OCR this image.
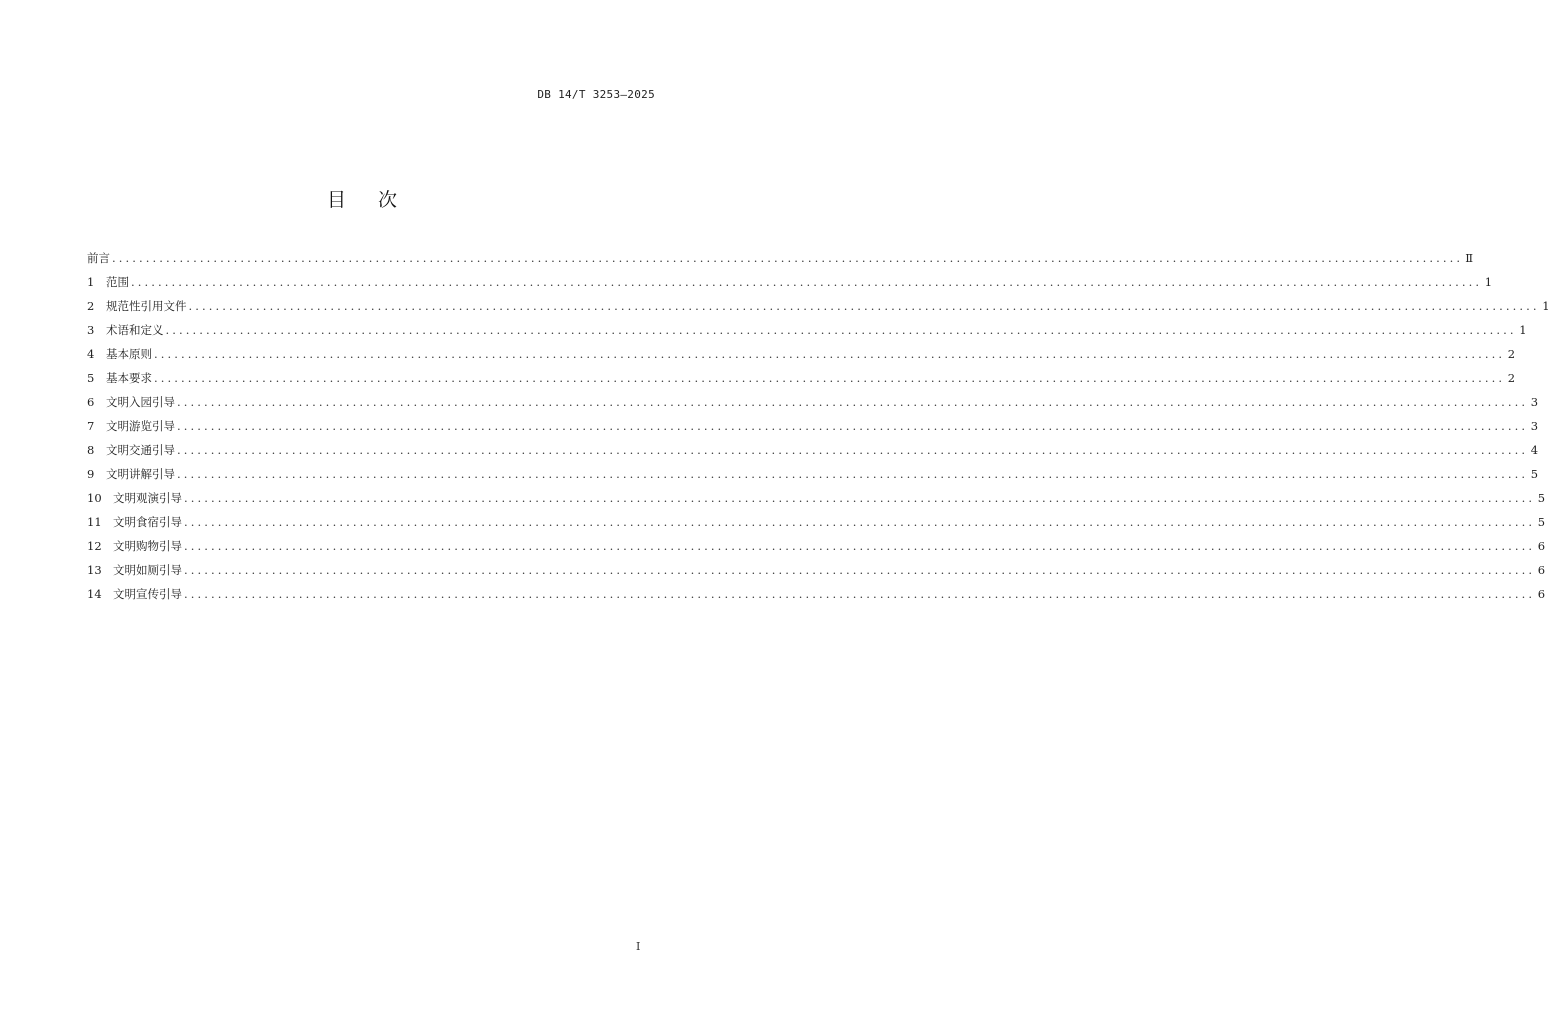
DB 14/T 3253—2025
目 次
前言 ........................................................................................................................................................................................................ Ⅱ
1	范围 ........................................................................................................................................................................................................ 1
2	规范性引用文件 ........................................................................................................................................................................................................ 1
3	术语和定义 ........................................................................................................................................................................................................ 1
4	基本原则 ........................................................................................................................................................................................................ 2
5	基本要求 ........................................................................................................................................................................................................ 2
6	文明入园引导 ........................................................................................................................................................................................................ 3
7	文明游览引导 ........................................................................................................................................................................................................ 3
8	文明交通引导 ........................................................................................................................................................................................................ 4
9	文明讲解引导 ........................................................................................................................................................................................................ 5
10 文明观演引导 ........................................................................................................................................................................................................ 5
11 文明食宿引导 ........................................................................................................................................................................................................ 5
12 文明购物引导 ........................................................................................................................................................................................................ 6
13 文明如厕引导 ........................................................................................................................................................................................................ 6
14 文明宣传引导 ........................................................................................................................................................................................................ 6
I
